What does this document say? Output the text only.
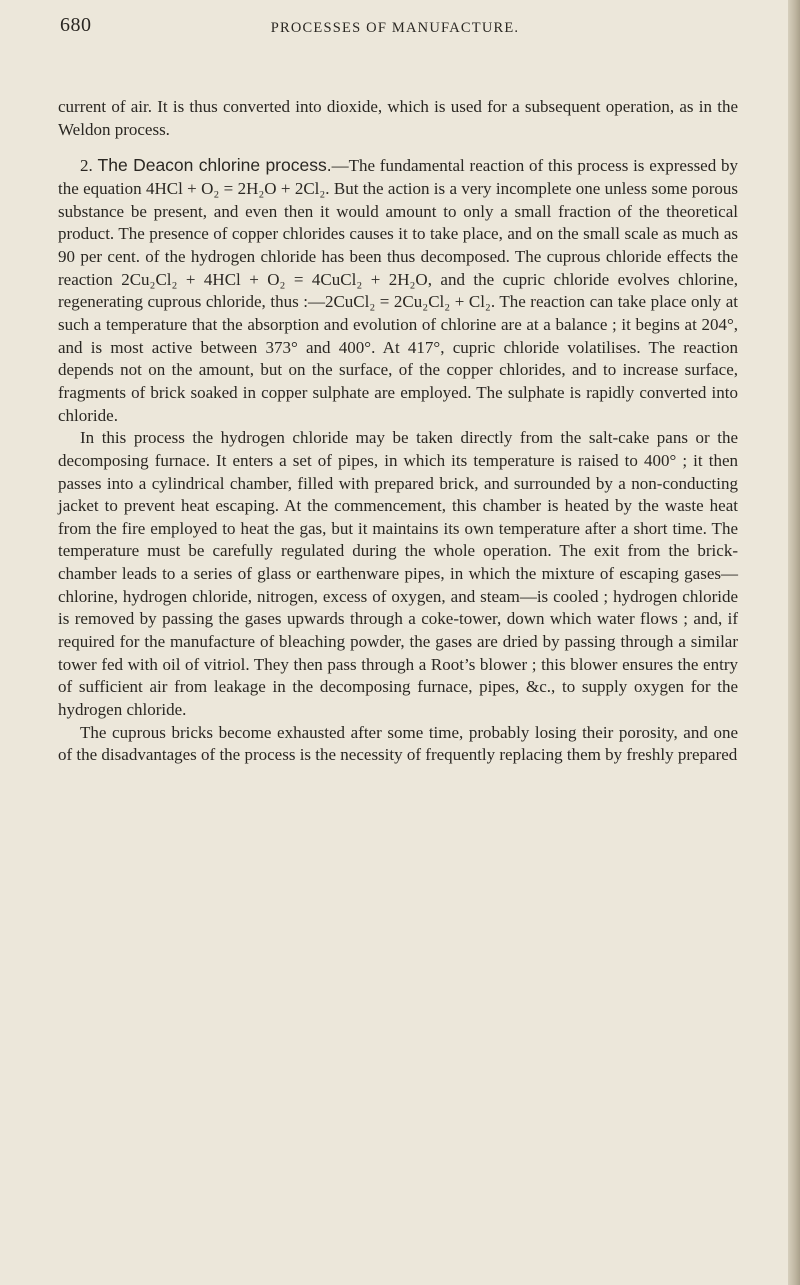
680	PROCESSES OF MANUFACTURE.

current of air. It is thus converted into dioxide, which is used for a subsequent operation, as in the Weldon process.

2. The Deacon chlorine process.—The fundamental reaction of this process is expressed by the equation 4HCl + O₂ = 2H₂O + 2Cl₂. But the action is a very incomplete one unless some porous substance be present, and even then it would amount to only a small fraction of the theoretical product. The presence of copper chlorides causes it to take place, and on the small scale as much as 90 per cent. of the hydrogen chloride has been thus decomposed. The cuprous chloride effects the reaction 2Cu₂Cl₂ + 4HCl + O₂ = 4CuCl₂ + 2H₂O, and the cupric chloride evolves chlorine, regenerating cuprous chloride, thus :—2CuCl₂ = 2Cu₂Cl₂ + Cl₂. The reaction can take place only at such a temperature that the absorption and evolution of chlorine are at a balance ; it begins at 204°, and is most active between 373° and 400°. At 417°, cupric chloride volatilises. The reaction depends not on the amount, but on the surface, of the copper chlorides, and to increase surface, fragments of brick soaked in copper sulphate are employed. The sulphate is rapidly converted into chloride.

In this process the hydrogen chloride may be taken directly from the salt-cake pans or the decomposing furnace. It enters a set of pipes, in which its temperature is raised to 400° ; it then passes into a cylindrical chamber, filled with prepared brick, and surrounded by a non-conducting jacket to prevent heat escaping. At the commencement, this chamber is heated by the waste heat from the fire employed to heat the gas, but it maintains its own temperature after a short time. The temperature must be carefully regulated during the whole operation. The exit from the brick-chamber leads to a series of glass or earthenware pipes, in which the mixture of escaping gases—chlorine, hydrogen chloride, nitrogen, excess of oxygen, and steam—is cooled ; hydrogen chloride is removed by passing the gases upwards through a coke-tower, down which water flows ; and, if required for the manufacture of bleaching powder, the gases are dried by passing through a similar tower fed with oil of vitriol. They then pass through a Root’s blower ; this blower ensures the entry of sufficient air from leakage in the decomposing furnace, pipes, &c., to supply oxygen for the hydrogen chloride.

The cuprous bricks become exhausted after some time, probably losing their porosity, and one of the disadvantages of the process is the necessity of frequently replacing them by freshly prepared
